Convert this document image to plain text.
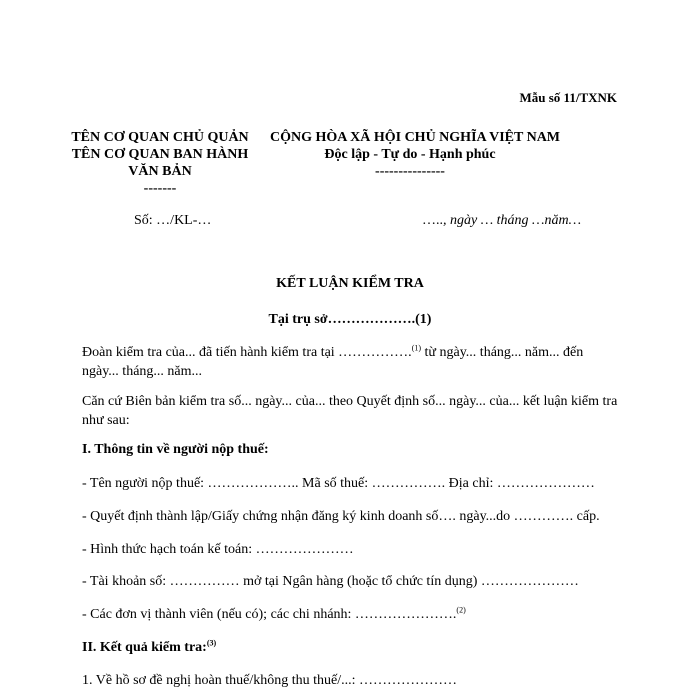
Mẫu số 11/TXNK
TÊN CƠ QUAN CHỦ QUẢN
TÊN CƠ QUAN BAN HÀNH VĂN BẢN
-------
CỘNG HÒA XÃ HỘI CHỦ NGHĨA VIỆT NAM
Độc lập - Tự do - Hạnh phúc
---------------
Số: …/KL-…	….., ngày … tháng …năm…
KẾT LUẬN KIỂM TRA
Tại trụ sở……………….(1)
Đoàn kiểm tra của... đã tiến hành kiểm tra tại …………….$^{(1)}$ từ ngày... tháng... năm... đến ngày... tháng... năm...
Căn cứ Biên bản kiểm tra số... ngày... của... theo Quyết định số... ngày... của... kết luận kiểm tra như sau:
I. Thông tin về người nộp thuế:
- Tên người nộp thuế: ……………….. Mã số thuế: ……………. Địa chỉ: …………………
- Quyết định thành lập/Giấy chứng nhận đăng ký kinh doanh số…. ngày...do …………. cấp.
- Hình thức hạch toán kế toán: …………………
- Tài khoản số: …………… mở tại Ngân hàng (hoặc tổ chức tín dụng) …………………
- Các đơn vị thành viên (nếu có); các chi nhánh: ………………….$^{(2)}$
II. Kết quả kiểm tra:$^{(3)}$
1. Về hồ sơ đề nghị hoàn thuế/không thu thuế/...: …………………
